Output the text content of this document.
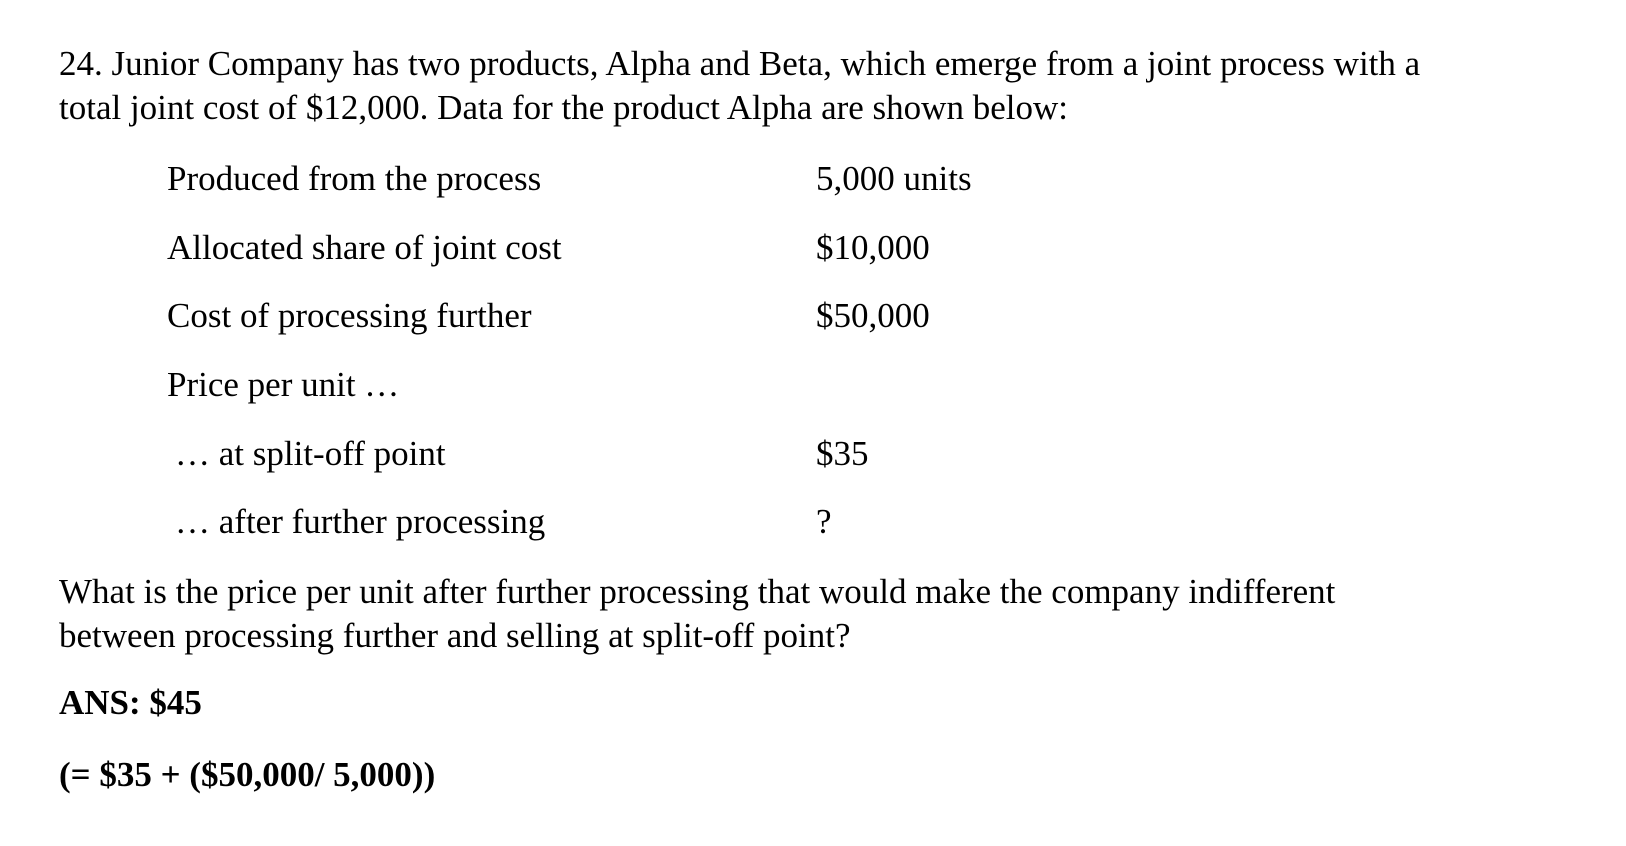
24. Junior Company has two products, Alpha and Beta, which emerge from a joint process with a
total joint cost of $12,000. Data for the product Alpha are shown below:

Produced from the process	5,000 units
Allocated share of joint cost	$10,000
Cost of processing further	$50,000
Price per unit …
… at split-off point	$35
… after further processing	?

What is the price per unit after further processing that would make the company indifferent
between processing further and selling at split-off point?

ANS: $45
(= $35 + ($50,000/ 5,000))
